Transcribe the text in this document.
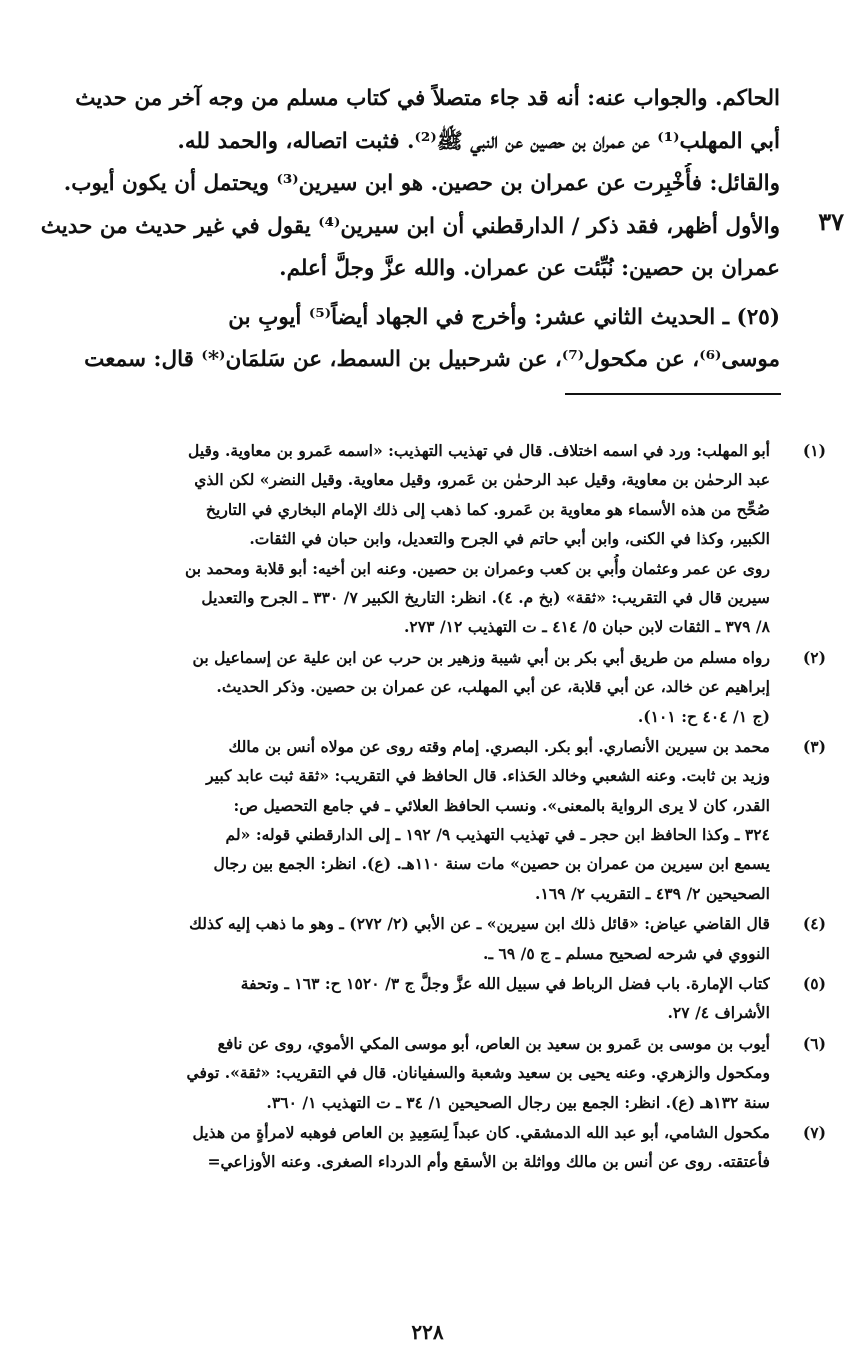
الحاكم. والجواب عنه: أنه قد جاء متصلاً في كتاب مسلم من وجه آخر من حديث
أبي المهلب⁽¹⁾ عن عمران بن حصين عن النبي ﷺ⁽²⁾. فثبت اتصاله، والحمد لله.
والقائل: فأُخْبِرت عن عمران بن حصين. هو ابن سيرين⁽³⁾ ويحتمل أن يكون أيوب.
والأول أظهر، فقد ذكر / الدارقطني أن ابن سيرين⁽⁴⁾ يقول في غير حديث من حديث
عمران بن حصين: نُبِّئت عن عمران. والله عزَّ وجلَّ أعلم.
(٢٥) ـ الحديث الثاني عشر: وأخرج في الجهاد أيضاً⁽⁵⁾ أيوبِ بن
موسى⁽⁶⁾، عن مكحول⁽⁷⁾، عن شرحبيل بن السمط، عن سَلمَان⁽*⁾ قال: سمعت
٣٧
(١)
أبو المهلب: ورد في اسمه اختلاف. قال في تهذيب التهذيب: «اسمه عَمرو بن معاوية. وقيل
عبد الرحمٰن بن معاوية، وقيل عبد الرحمٰن بن عَمرو، وقيل معاوية. وقيل النضر» لكن الذي
صُحِّح من هذه الأسماء هو معاوية بن عَمرو. كما ذهب إلى ذلك الإمام البخاري في التاريخ
الكبير، وكذا في الكنى، وابن أبي حاتم في الجرح والتعديل، وابن حبان في الثقات.
روى عن عمر وعثمان وأُبي بن كعب وعمران بن حصين. وعنه ابن أخيه: أبو قلابة ومحمد بن
سيرين قال في التقريب: «ثقة» (بخ م. ٤). انظر: التاريخ الكبير ٧/ ٣٣٠ ـ الجرح والتعديل
٨/ ٣٧٩ ـ الثقات لابن حبان ٥/ ٤١٤ ـ ت التهذيب ١٢/ ٢٧٣.
(٢)
رواه مسلم من طريق أبي بكر بن أبي شيبة وزهير بن حرب عن ابن علية عن إسماعيل بن
إبراهيم عن خالد، عن أبي قلابة، عن أبي المهلب، عن عمران بن حصين. وذكر الحديث.
(ج ١/ ٤٠٤ ح: ١٠١).
(٣)
محمد بن سيرين الأنصاري. أبو بكر. البصري. إمام وقته روى عن مولاه أنس بن مالك
وزيد بن ثابت. وعنه الشعبي وخالد الحَذاء. قال الحافظ في التقريب: «ثقة ثبت عابد كبير
القدر، كان لا يرى الرواية بالمعنى». ونسب الحافظ العلائي ـ في جامع التحصيل ص:
٣٢٤ ـ وكذا الحافظ ابن حجر ـ في تهذيب التهذيب ٩/ ١٩٢ ـ إلى الدارقطني قوله: «لم
يسمع ابن سيرين من عمران بن حصين» مات سنة ١١٠هـ. (ع). انظر: الجمع بين رجال
الصحيحين ٢/ ٤٣٩ ـ التقريب ٢/ ١٦٩.
(٤)
قال القاضي عياض: «قائل ذلك ابن سيرين» ـ عن الأبي (٢/ ٢٧٢) ـ وهو ما ذهب إليه كذلك
النووي في شرحه لصحيح مسلم ـ ج ٥/ ٦٩ ـ.
(٥)
كتاب الإمارة. باب فضل الرباط في سبيل الله عزَّ وجلَّ ج ٣/ ١٥٢٠ ح: ١٦٣ ـ وتحفة
الأشراف ٤/ ٢٧.
(٦)
أيوب بن موسى بن عَمرو بن سعيد بن العاص، أبو موسى المكي الأموي، روى عن نافع
ومكحول والزهري. وعنه يحيى بن سعيد وشعبة والسفيانان. قال في التقريب: «ثقة». توفي
سنة ١٣٢هـ (ع). انظر: الجمع بين رجال الصحيحين ١/ ٣٤ ـ ت التهذيب ١/ ٣٦٠.
(٧)
مكحول الشامي، أبو عبد الله الدمشقي. كان عبداً لِسَعِيدِ بن العاص فوهبه لامرأةٍ من هذيل
فأعتقته. روى عن أنس بن مالك وواثلة بن الأسقع وأم الدرداء الصغرى. وعنه الأوزاعي=
٢٢٨
